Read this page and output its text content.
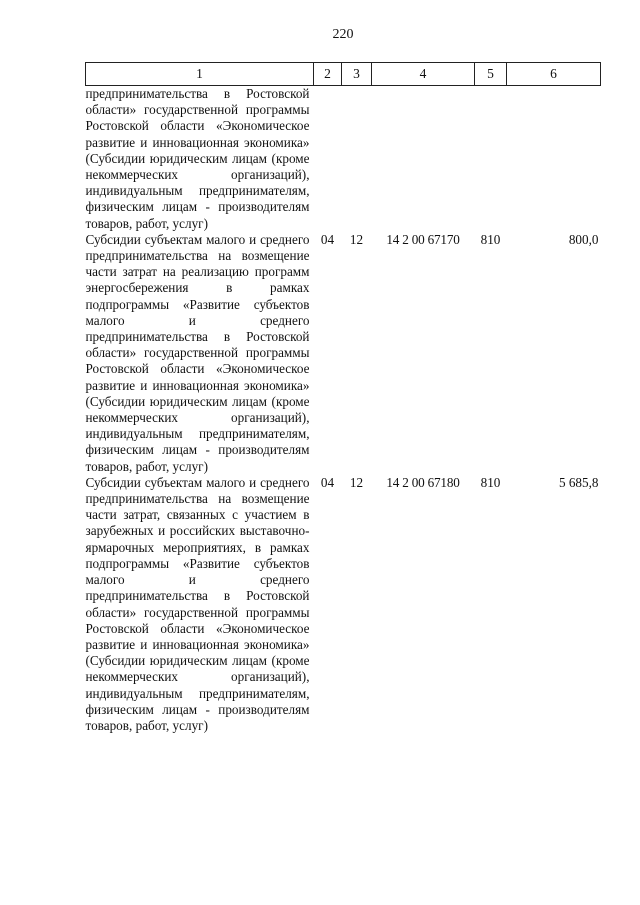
220
1	2	3	4	5	6
предпринимательства в Ростовской области» государственной программы Ростовской области «Экономическое развитие и инновационная экономика» (Субсидии юридическим лицам (кроме некоммерческих организаций), индивидуальным предпринимателям, физическим лицам - производителям товаров, работ, услуг)					
Субсидии субъектам малого и среднего предпринимательства на возмещение части затрат на реализацию программ энергосбережения в рамках подпрограммы «Развитие субъектов малого и среднего предпринимательства в Ростовской области» государственной программы Ростовской области «Экономическое развитие и инновационная экономика» (Субсидии юридическим лицам (кроме некоммерческих организаций), индивидуальным предпринимателям, физическим лицам - производителям товаров, работ, услуг)	04	12	14 2 00 67170	810	800,0
Субсидии субъектам малого и среднего предпринимательства на возмещение части затрат, связанных с участием в зарубежных и российских выставочно-ярмарочных мероприятиях, в рамках подпрограммы «Развитие субъектов малого и среднего предпринимательства в Ростовской области» государственной программы Ростовской области «Экономическое развитие и инновационная экономика» (Субсидии юридическим лицам (кроме некоммерческих организаций), индивидуальным предпринимателям, физическим лицам - производителям товаров, работ, услуг)	04	12	14 2 00 67180	810	5 685,8
